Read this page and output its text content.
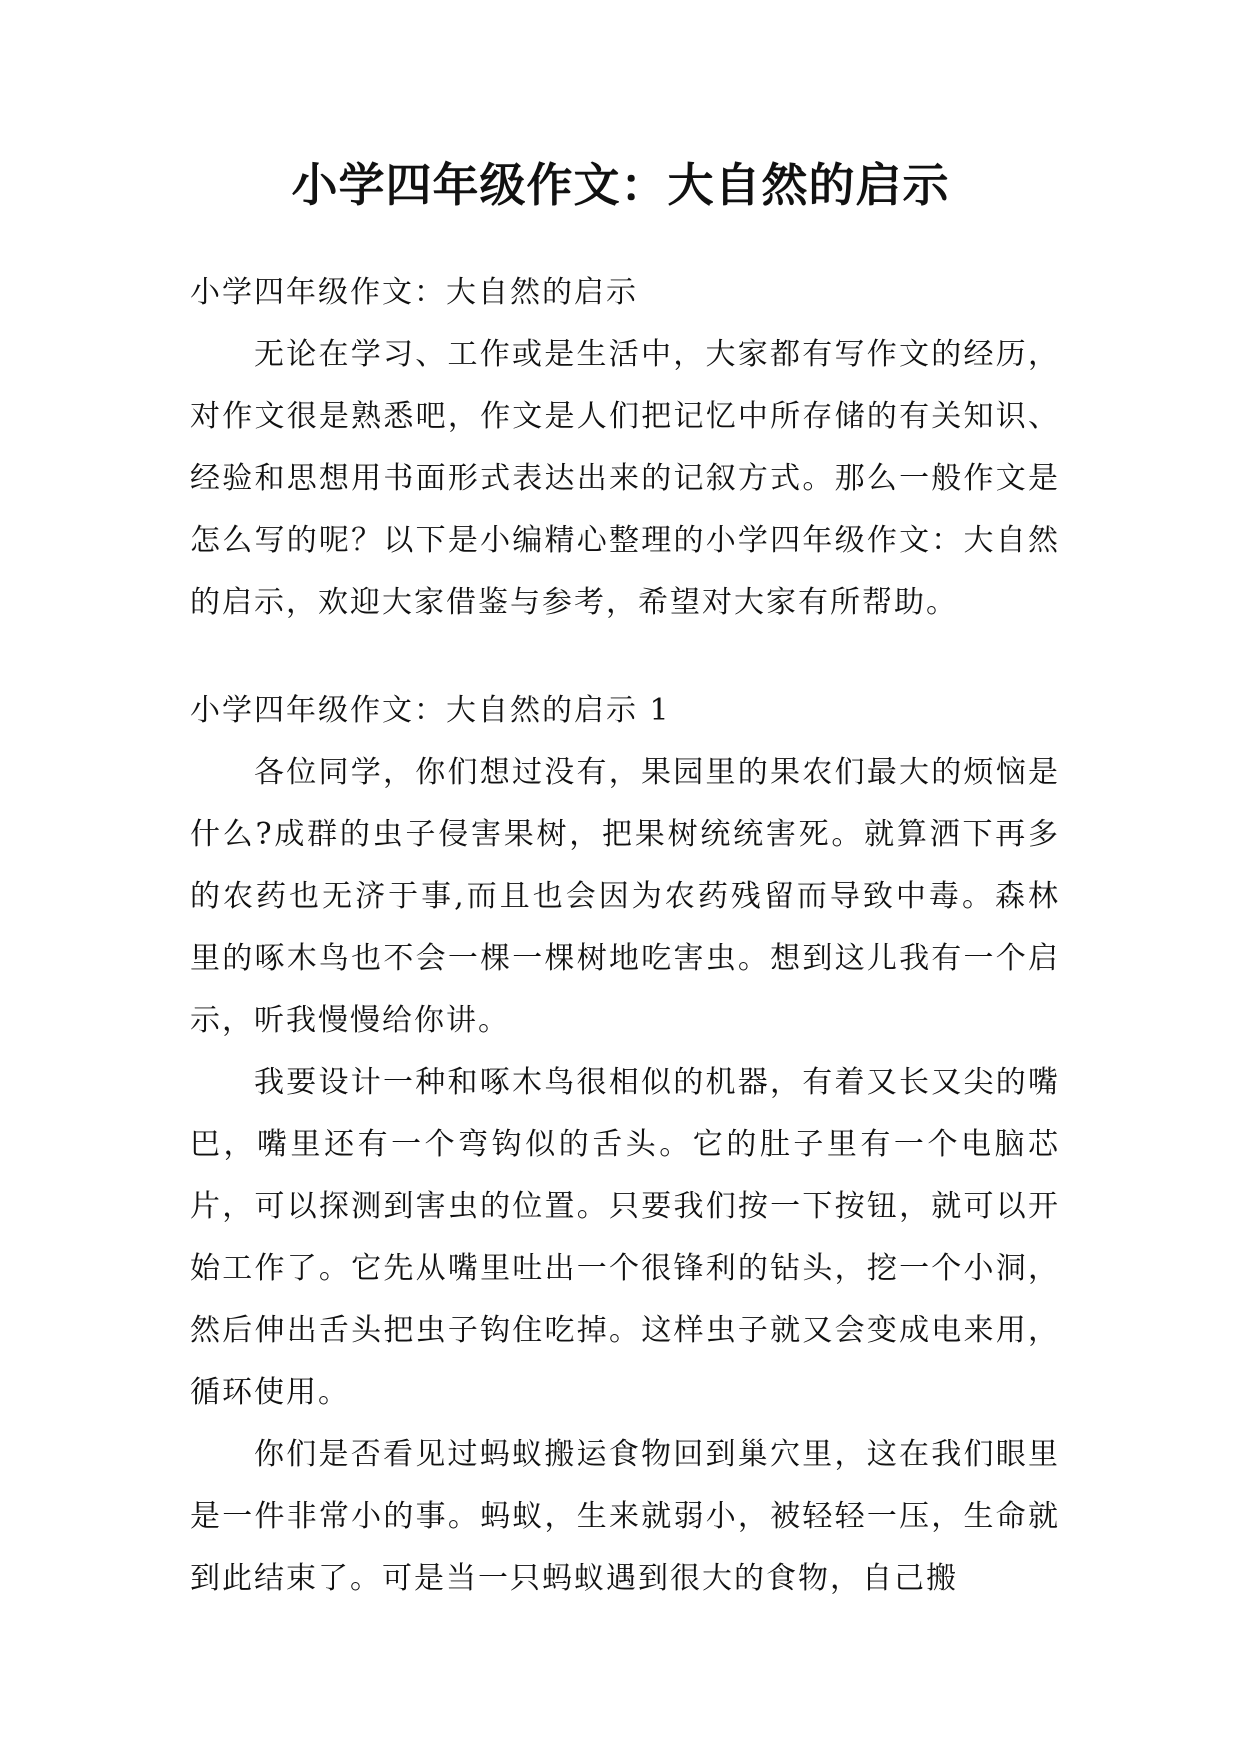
小学四年级作文：大自然的启示

小学四年级作文：大自然的启示

无论在学习、工作或是生活中，大家都有写作文的经历，对作文很是熟悉吧，作文是人们把记忆中所存储的有关知识、经验和思想用书面形式表达出来的记叙方式。那么一般作文是怎么写的呢？以下是小编精心整理的小学四年级作文：大自然的启示，欢迎大家借鉴与参考，希望对大家有所帮助。

小学四年级作文：大自然的启示 1

各位同学，你们想过没有，果园里的果农们最大的烦恼是什么?成群的虫子侵害果树，把果树统统害死。就算洒下再多的农药也无济于事,而且也会因为农药残留而导致中毒。森林里的啄木鸟也不会一棵一棵树地吃害虫。想到这儿我有一个启示，听我慢慢给你讲。

我要设计一种和啄木鸟很相似的机器，有着又长又尖的嘴巴，嘴里还有一个弯钩似的舌头。它的肚子里有一个电脑芯片，可以探测到害虫的位置。只要我们按一下按钮，就可以开始工作了。它先从嘴里吐出一个很锋利的钻头，挖一个小洞，然后伸出舌头把虫子钩住吃掉。这样虫子就又会变成电来用，循环使用。

你们是否看见过蚂蚁搬运食物回到巢穴里，这在我们眼里是一件非常小的事。蚂蚁，生来就弱小，被轻轻一压，生命就到此结束了。可是当一只蚂蚁遇到很大的食物，自己搬
